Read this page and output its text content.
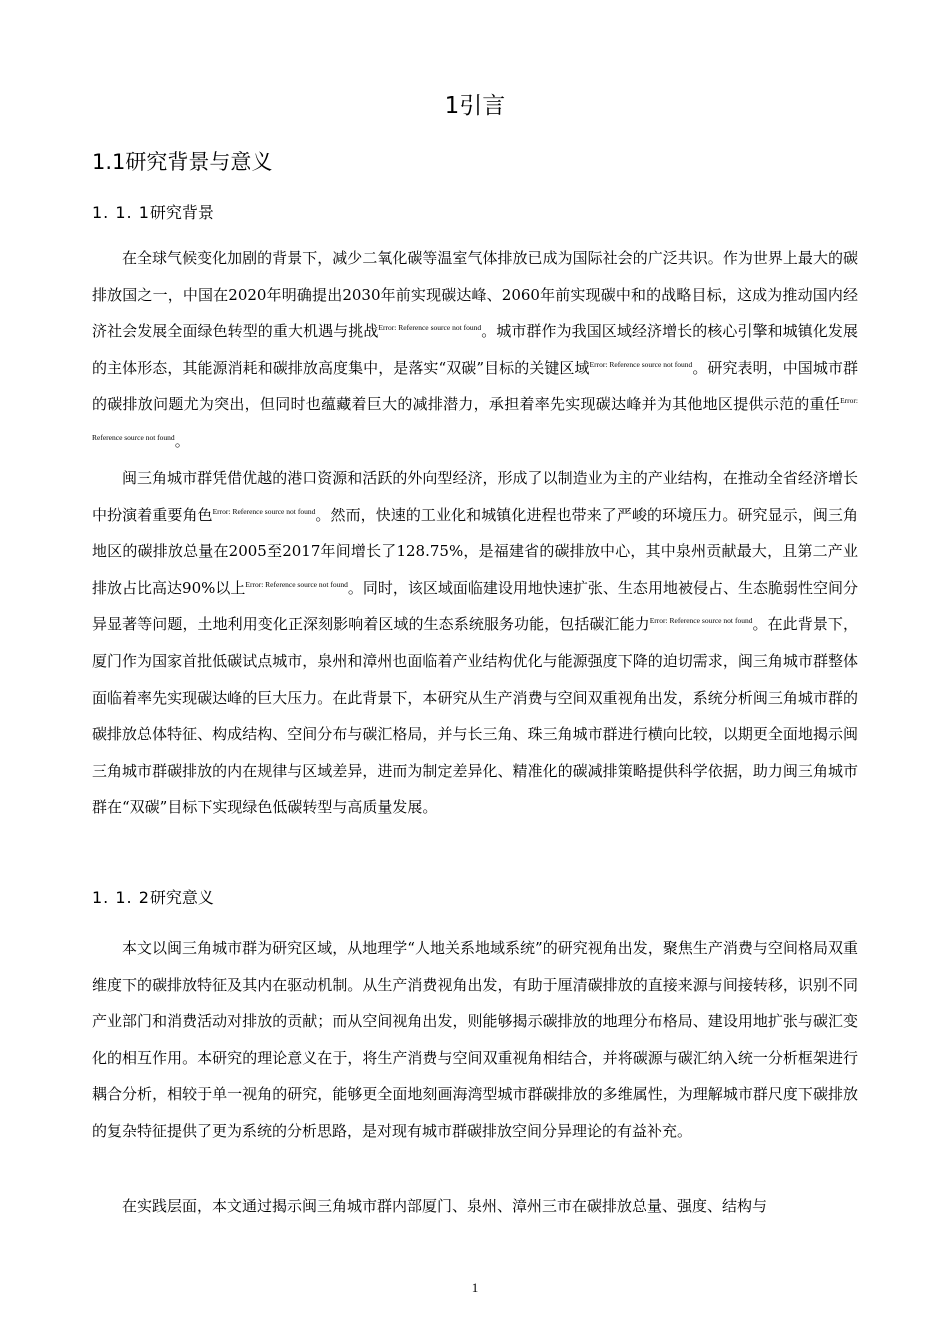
1引言
1.1研究背景与意义
1. 1. 1研究背景

在全球气候变化加剧的背景下，减少二氧化碳等温室气体排放已成为国际社会的广泛共识。作为世界上最大的碳排放国之一，中国在2020年明确提出2030年前实现碳达峰、2060年前实现碳中和的战略目标，这成为推动国内经济社会发展全面绿色转型的重大机遇与挑战$^{Error: Reference source not found}$。城市群作为我国区域经济增长的核心引擎和城镇化发展的主体形态，其能源消耗和碳排放高度集中，是落实“双碳”目标的关键区域$^{Error: Reference source not found}$。研究表明，中国城市群的碳排放问题尤为突出，但同时也蕴藏着巨大的减排潜力，承担着率先实现碳达峰并为其他地区提供示范的重任$^{Error: Reference source not found}$。

闽三角城市群凭借优越的港口资源和活跃的外向型经济，形成了以制造业为主的产业结构，在推动全省经济增长中扮演着重要角色$^{Error: Reference source not found}$。然而，快速的工业化和城镇化进程也带来了严峻的环境压力。研究显示，闽三角地区的碳排放总量在2005至2017年间增长了128.75%，是福建省的碳排放中心，其中泉州贡献最大，且第二产业排放占比高达90%以上$^{Error: Reference source not found}$。同时，该区域面临建设用地快速扩张、生态用地被侵占、生态脆弱性空间分异显著等问题，土地利用变化正深刻影响着区域的生态系统服务功能，包括碳汇能力$^{Error: Reference source not found}$。在此背景下，厦门作为国家首批低碳试点城市，泉州和漳州也面临着产业结构优化与能源强度下降的迫切需求，闽三角城市群整体面临着率先实现碳达峰的巨大压力。在此背景下，本研究从生产消费与空间双重视角出发，系统分析闽三角城市群的碳排放总体特征、构成结构、空间分布与碳汇格局，并与长三角、珠三角城市群进行横向比较，以期更全面地揭示闽三角城市群碳排放的内在规律与区域差异，进而为制定差异化、精准化的碳减排策略提供科学依据，助力闽三角城市群在“双碳”目标下实现绿色低碳转型与高质量发展。

1. 1. 2研究意义

本文以闽三角城市群为研究区域，从地理学“人地关系地域系统”的研究视角出发，聚焦生产消费与空间格局双重维度下的碳排放特征及其内在驱动机制。从生产消费视角出发，有助于厘清碳排放的直接来源与间接转移，识别不同产业部门和消费活动对排放的贡献；而从空间视角出发，则能够揭示碳排放的地理分布格局、建设用地扩张与碳汇变化的相互作用。本研究的理论意义在于，将生产消费与空间双重视角相结合，并将碳源与碳汇纳入统一分析框架进行耦合分析，相较于单一视角的研究，能够更全面地刻画海湾型城市群碳排放的多维属性，为理解城市群尺度下碳排放的复杂特征提供了更为系统的分析思路，是对现有城市群碳排放空间分异理论的有益补充。

在实践层面，本文通过揭示闽三角城市群内部厦门、泉州、漳州三市在碳排放总量、强度、结构与

1
